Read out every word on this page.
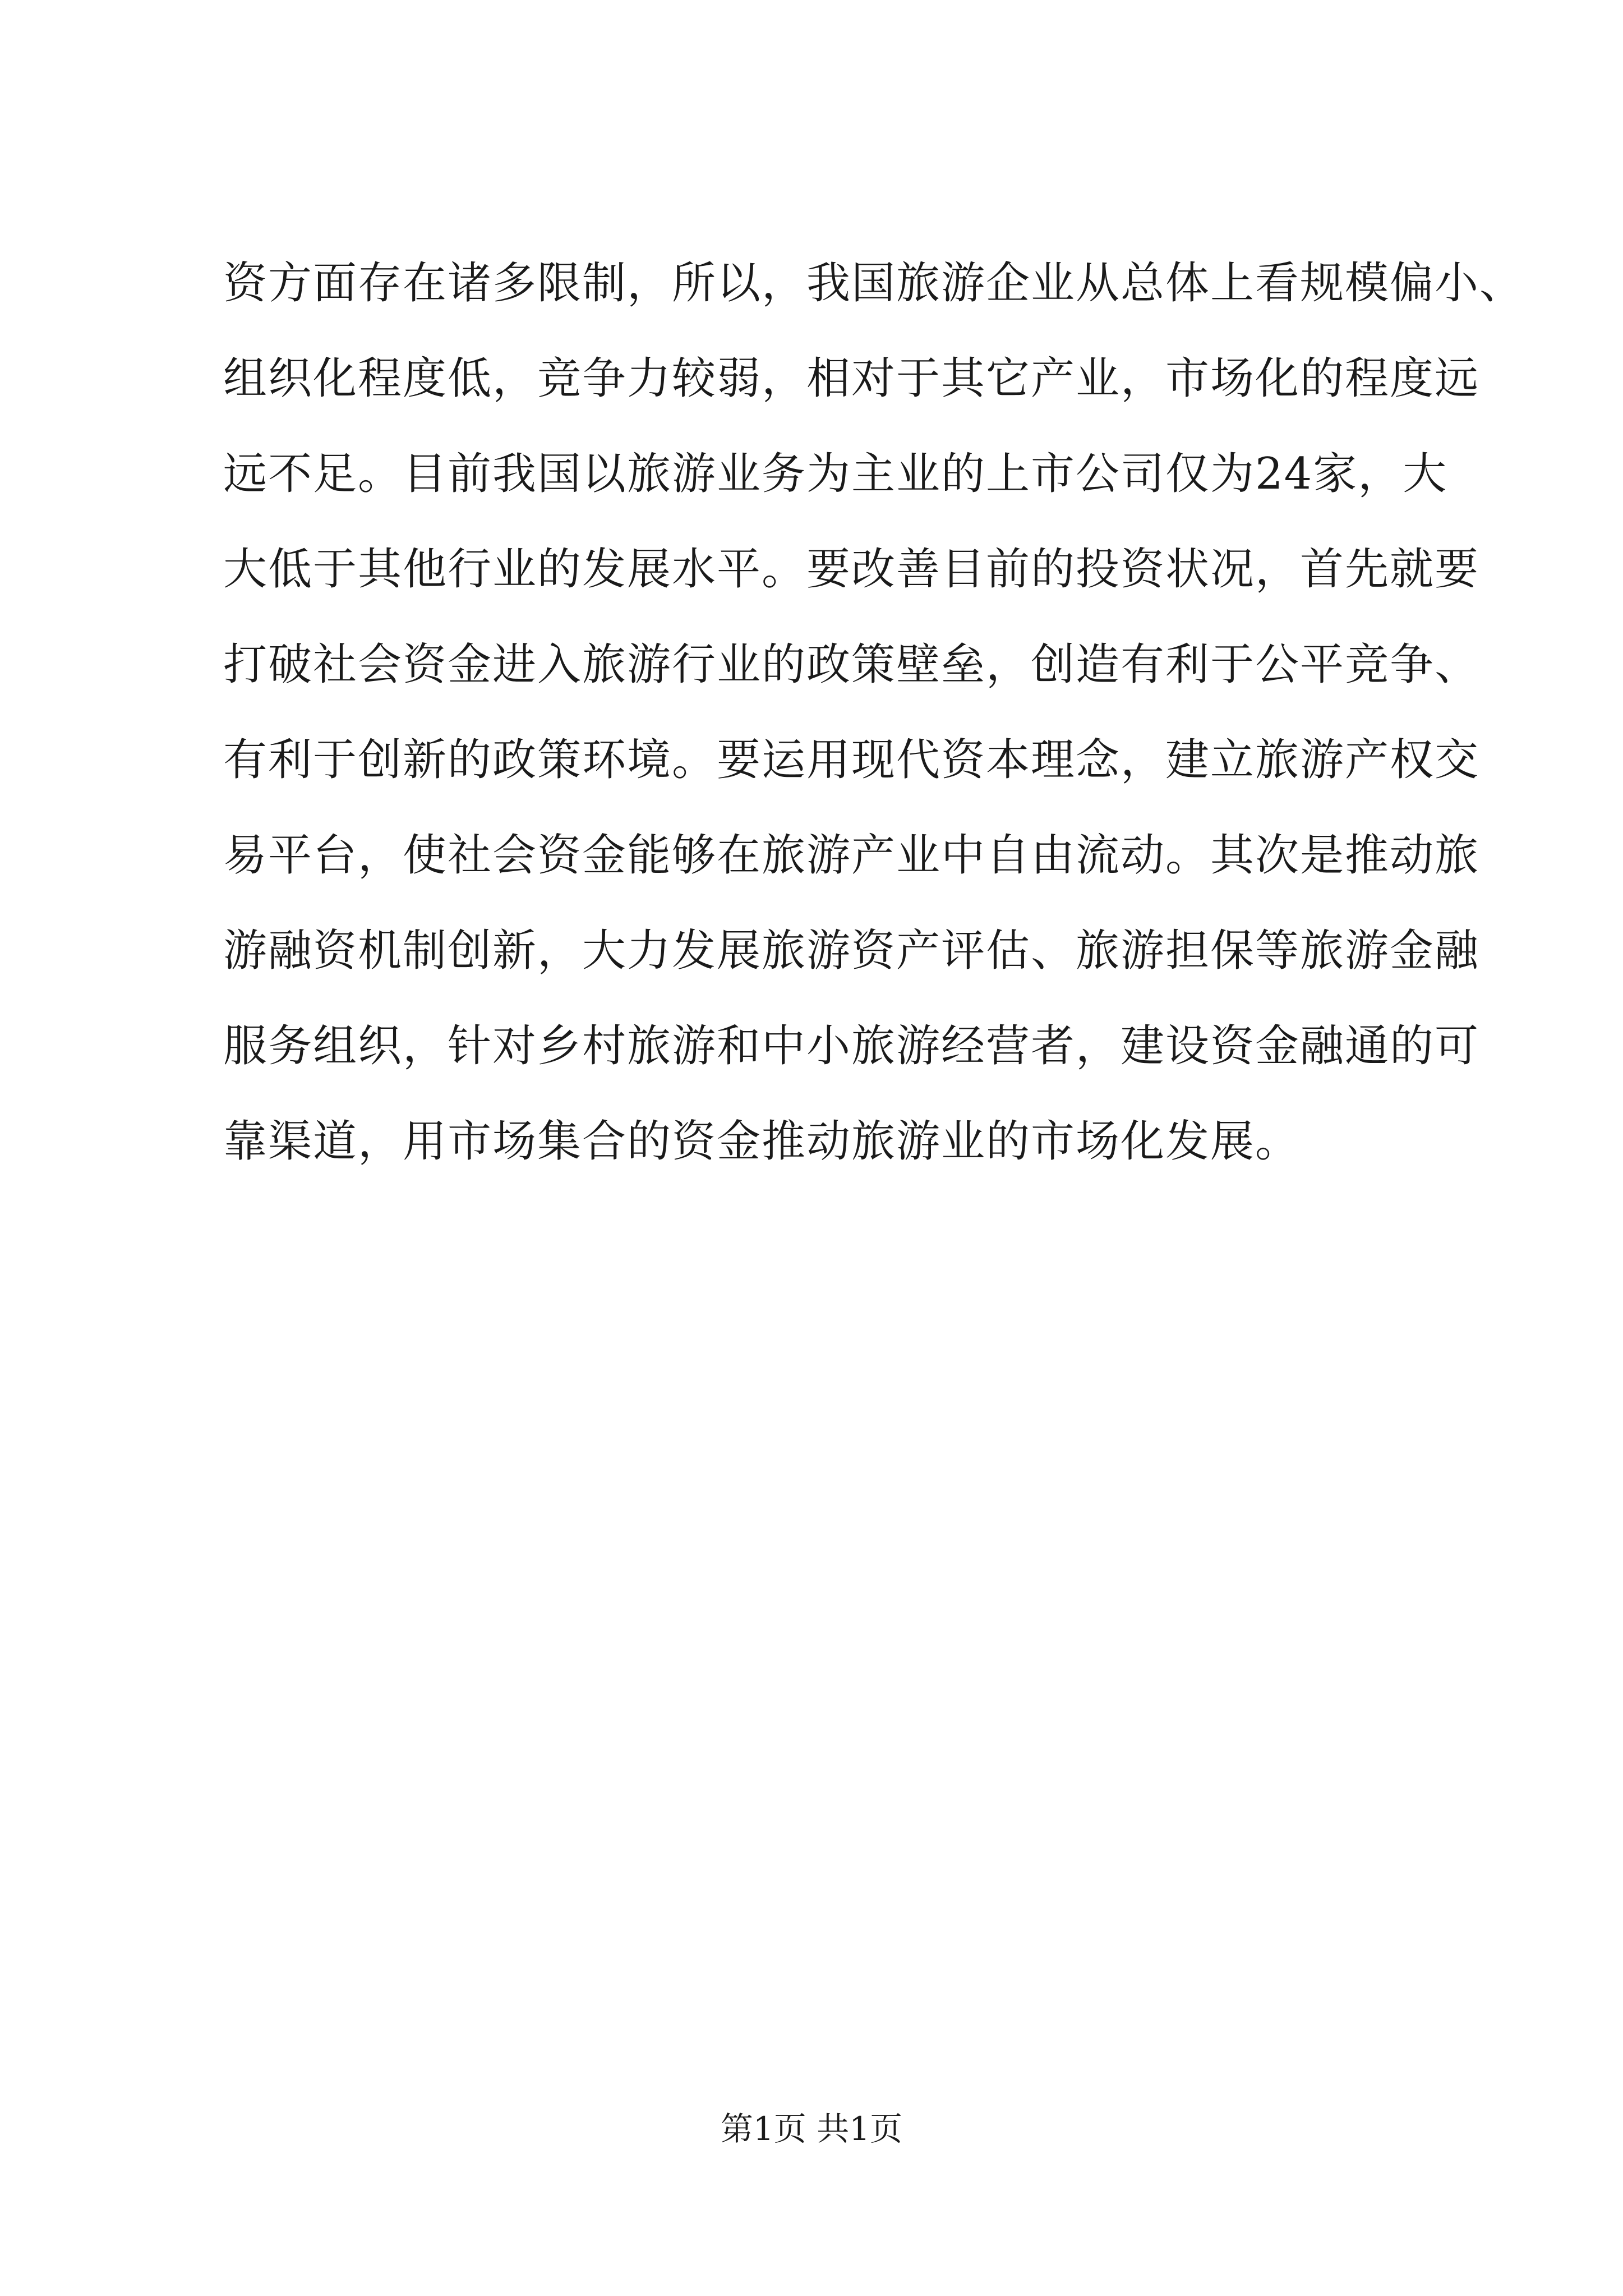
资方面存在诸多限制，所以，我国旅游企业从总体上看规模偏小、
组织化程度低，竞争力较弱，相对于其它产业，市场化的程度远
远不足。目前我国以旅游业务为主业的上市公司仅为24家，大
大低于其他行业的发展水平。要改善目前的投资状况，首先就要
打破社会资金进入旅游行业的政策壁垒，创造有利于公平竞争、
有利于创新的政策环境。要运用现代资本理念，建立旅游产权交
易平台，使社会资金能够在旅游产业中自由流动。其次是推动旅
游融资机制创新，大力发展旅游资产评估、旅游担保等旅游金融
服务组织，针对乡村旅游和中小旅游经营者，建设资金融通的可
靠渠道，用市场集合的资金推动旅游业的市场化发展。
第1页 共1页
